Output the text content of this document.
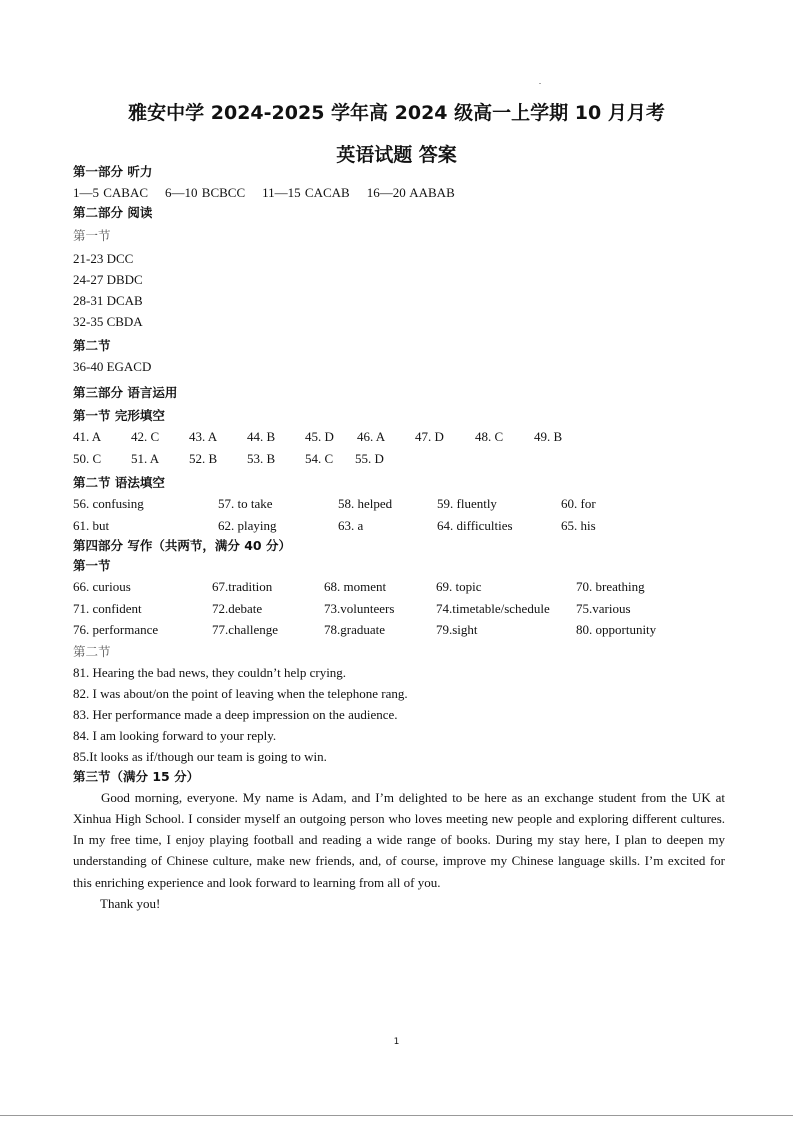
.
雅安中学 2024-2025 学年高 2024 级高一上学期 10 月月考
英语试题 答案
第一部分 听力
1—5 CABAC    6—10 BCBCC    11—15 CACAB    16—20 AABAB
第二部分 阅读
第一节
21-23 DCC
24-27 DBDC
28-31 DCAB
32-35 CBDA
第二节
36-40 EGACD
第三部分 语言运用
第一节 完形填空
41. A	42. C	43. A	44. B	45. D	46. A	47. D	48. C	49. B
50. C	51. A	52. B	53. B	54. C	55. D
第二节 语法填空
56. confusing	57. to take	58. helped	59. fluently	60. for
61. but	62. playing	63. a	64. difficulties	65. his
第四部分 写作（共两节，满分 40 分）
第一节
66. curious	67.tradition	68. moment	69. topic	70. breathing
71. confident	72.debate	73.volunteers	74.timetable/schedule	75.various
76. performance	77.challenge	78.graduate	79.sight	80. opportunity
第二节
81. Hearing the bad news, they couldn’t help crying.
82. I was about/on the point of leaving when the telephone rang.
83. Her performance made a deep impression on the audience.
84. I am looking forward to your reply.
85.It looks as if/though our team is going to win.
第三节（满分 15 分）
Good morning, everyone. My name is Adam, and I’m delighted to be here as an exchange student from the UK at Xinhua High School. I consider myself an outgoing person who loves meeting new people and exploring different cultures. In my free time, I enjoy playing football and reading a wide range of books. During my stay here, I plan to deepen my understanding of Chinese culture, make new friends, and, of course, improve my Chinese language skills. I’m excited for this enriching experience and look forward to learning from all of you.
Thank you!
1
